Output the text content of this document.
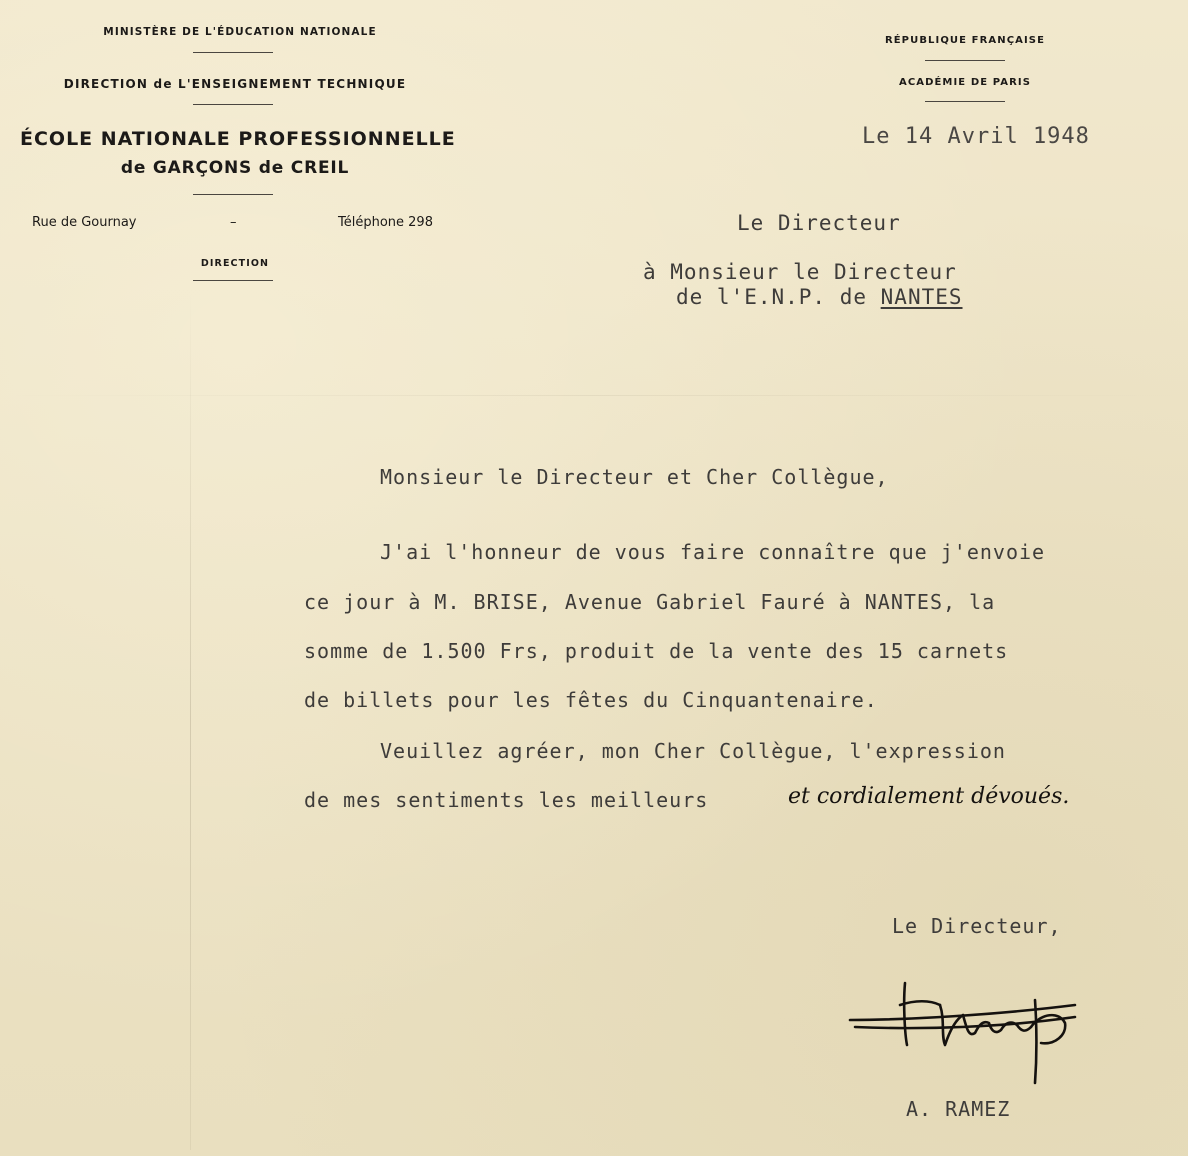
MINISTÈRE DE L'ÉDUCATION NATIONALE
DIRECTION de L'ENSEIGNEMENT TECHNIQUE
ÉCOLE NATIONALE PROFESSIONNELLE
de GARÇONS de CREIL
Rue de Gournay	–	Téléphone 298
DIRECTION
RÉPUBLIQUE FRANÇAISE
ACADÉMIE DE PARIS
Le 14 Avril 1948
Le Directeur
à Monsieur le Directeur
de l'E.N.P. de NANTES
Monsieur le Directeur et Cher Collègue,
J'ai l'honneur de vous faire connaître que j'envoie
ce jour à M. BRISE, Avenue Gabriel Fauré à NANTES, la
somme de 1.500 Frs, produit de la vente des 15 carnets
de billets pour les fêtes du Cinquantenaire.
Veuillez agréer, mon Cher Collègue, l'expression
de mes sentiments les meilleurs	et cordialement dévoués.
Le Directeur,
A. RAMEZ
